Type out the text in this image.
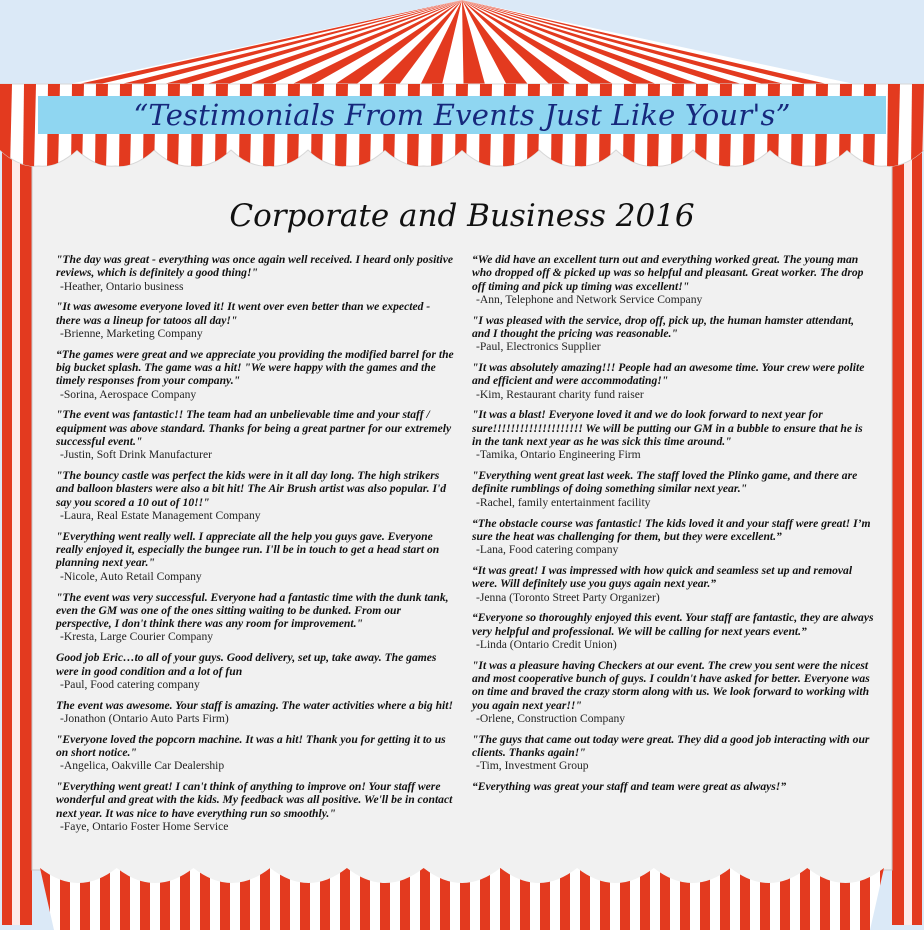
“Testimonials From Events Just Like Your's”
Corporate and Business 2016
"The day was great - everything was once again well received. I heard only positive reviews, which is definitely a good thing!"
-Heather, Ontario business
"It was awesome everyone loved it! It went over even better than we expected - there was a lineup for tatoos all day!"
-Brienne, Marketing Company
“The games were great and we appreciate you providing the modified barrel for the big bucket splash. The game was a hit! "We were happy with the games and the timely responses from your company."
-Sorina, Aerospace Company
"The event was fantastic!! The team had an unbelievable time and your staff / equipment was above standard. Thanks for being a great partner for our extremely successful event."
-Justin, Soft Drink Manufacturer
"The bouncy castle was perfect the kids were in it all day long. The high strikers and balloon blasters were also a bit hit! The Air Brush artist was also popular. I'd say you scored a 10 out of 10!!"
-Laura, Real Estate Management Company
"Everything went really well. I appreciate all the help you guys gave. Everyone really enjoyed it, especially the bungee run. I'll be in touch to get a head start on planning next year."
-Nicole, Auto Retail Company
"The event was very successful. Everyone had a fantastic time with the dunk tank, even the GM was one of the ones sitting waiting to be dunked. From our perspective, I don't think there was any room for improvement."
-Kresta, Large Courier Company
Good job Eric…to all of your guys. Good delivery, set up, take away. The games were in good condition and a lot of fun
-Paul, Food catering company
The event was awesome. Your staff is amazing. The water activities where a big hit!
-Jonathon (Ontario Auto Parts Firm)
"Everyone loved the popcorn machine. It was a hit! Thank you for getting it to us on short notice."
-Angelica, Oakville Car Dealership
"Everything went great! I can't think of anything to improve on! Your staff were wonderful and great with the kids. My feedback was all positive. We'll be in contact next year. It was nice to have everything run so smoothly."
-Faye, Ontario Foster Home Service
“We did have an excellent turn out and everything worked great. The young man who dropped off & picked up was so helpful and pleasant. Great worker. The drop off timing and pick up timing was excellent!"
-Ann, Telephone and Network Service Company
"I was pleased with the service, drop off, pick up, the human hamster attendant, and I thought the pricing was reasonable."
-Paul, Electronics Supplier
"It was absolutely amazing!!! People had an awesome time. Your crew were polite and efficient and were accommodating!"
-Kim, Restaurant charity fund raiser
"It was a blast! Everyone loved it and we do look forward to next year for sure!!!!!!!!!!!!!!!!!!!! We will be putting our GM in a bubble to ensure that he is in the tank next year as he was sick this time around."
-Tamika, Ontario Engineering Firm
"Everything went great last week. The staff loved the Plinko game, and there are definite rumblings of doing something similar next year."
-Rachel, family entertainment facility
“The obstacle course was fantastic! The kids loved it and your staff were great! I’m sure the heat was challenging for them, but they were excellent.”
-Lana, Food catering company
“It was great! I was impressed with how quick and seamless set up and removal were. Will definitely use you guys again next year.”
-Jenna (Toronto Street Party Organizer)
“Everyone so thoroughly enjoyed this event. Your staff are fantastic, they are always very helpful and professional. We will be calling for next years event.”
-Linda (Ontario Credit Union)
"It was a pleasure having Checkers at our event. The crew you sent were the nicest and most cooperative bunch of guys. I couldn't have asked for better. Everyone was on time and braved the crazy storm along with us. We look forward to working with you again next year!!"
-Orlene, Construction Company
"The guys that came out today were great. They did a good job interacting with our clients. Thanks again!"
-Tim, Investment Group
“Everything was great your staff and team were great as always!”
